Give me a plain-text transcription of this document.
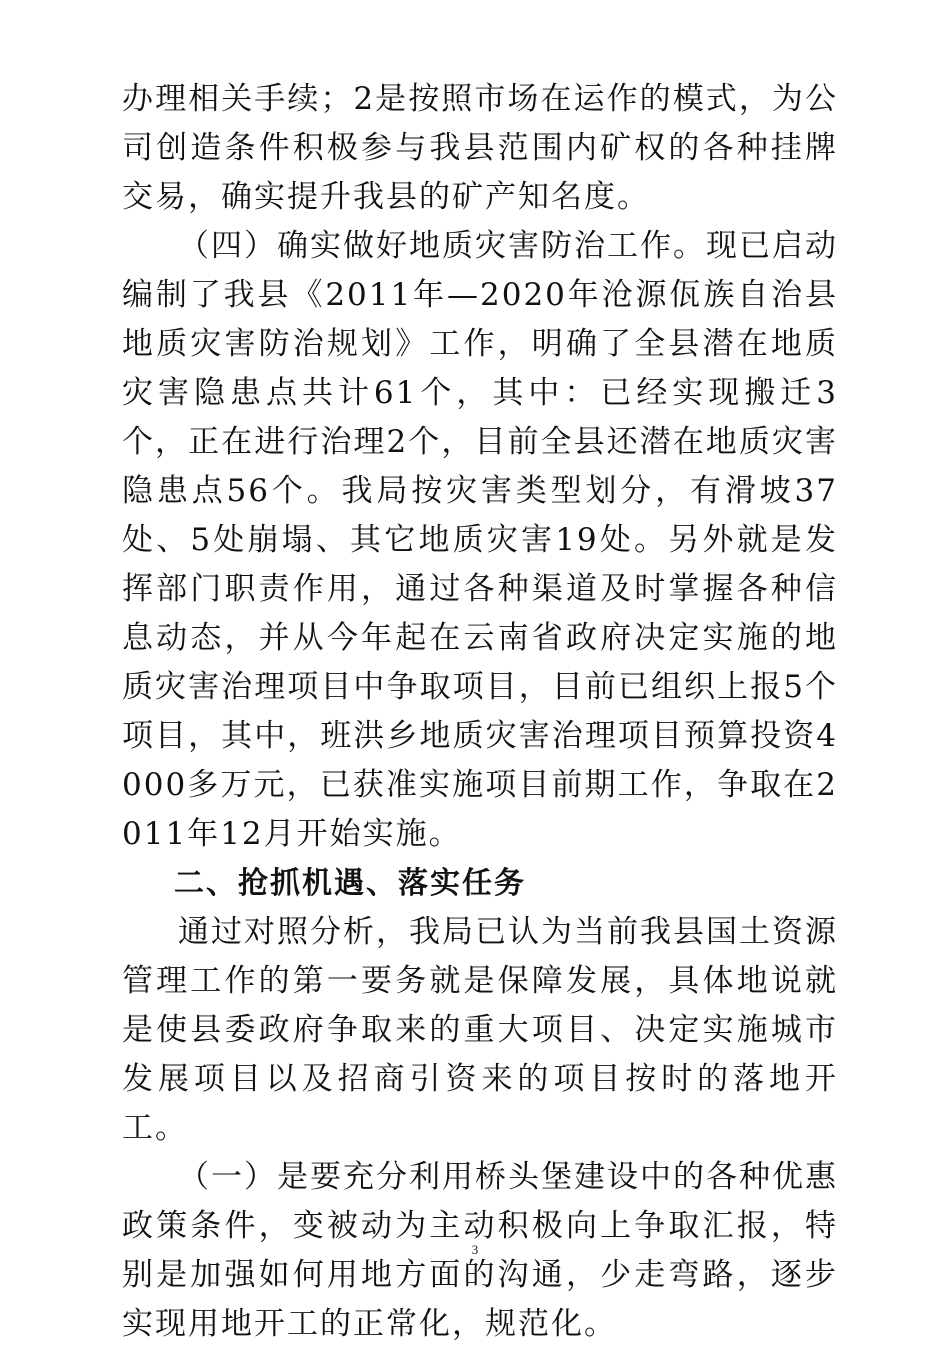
办理相关手续；2是按照市场在运作的模式，为公司创造条件积极参与我县范围内矿权的各种挂牌交易，确实提升我县的矿产知名度。

（四）确实做好地质灾害防治工作。现已启动编制了我县《2011年—2020年沧源佤族自治县地质灾害防治规划》工作，明确了全县潜在地质灾害隐患点共计61个，其中：已经实现搬迁3 个，正在进行治理2个，目前全县还潜在地质灾害隐患点56个。我局按灾害类型划分，有滑坡37处、5处崩塌、其它地质灾害19处。另外就是发挥部门职责作用，通过各种渠道及时掌握各种信息动态，并从今年起在云南省政府决定实施的地质灾害治理项目中争取项目，目前已组织上报5个项目，其中，班洪乡地质灾害治理项目预算投资4000多万元，已获准实施项目前期工作，争取在2011年12月开始实施。

二、抢抓机遇、落实任务

通过对照分析，我局已认为当前我县国土资源管理工作的第一要务就是保障发展，具体地说就是使县委政府争取来的重大项目、决定实施城市发展项目以及招商引资来的项目按时的落地开工。

（一）是要充分利用桥头堡建设中的各种优惠政策条件，变被动为主动积极向上争取汇报，特别是加强如何用地方面的沟通，少走弯路，逐步实现用地开工的正常化，规范化。

3
